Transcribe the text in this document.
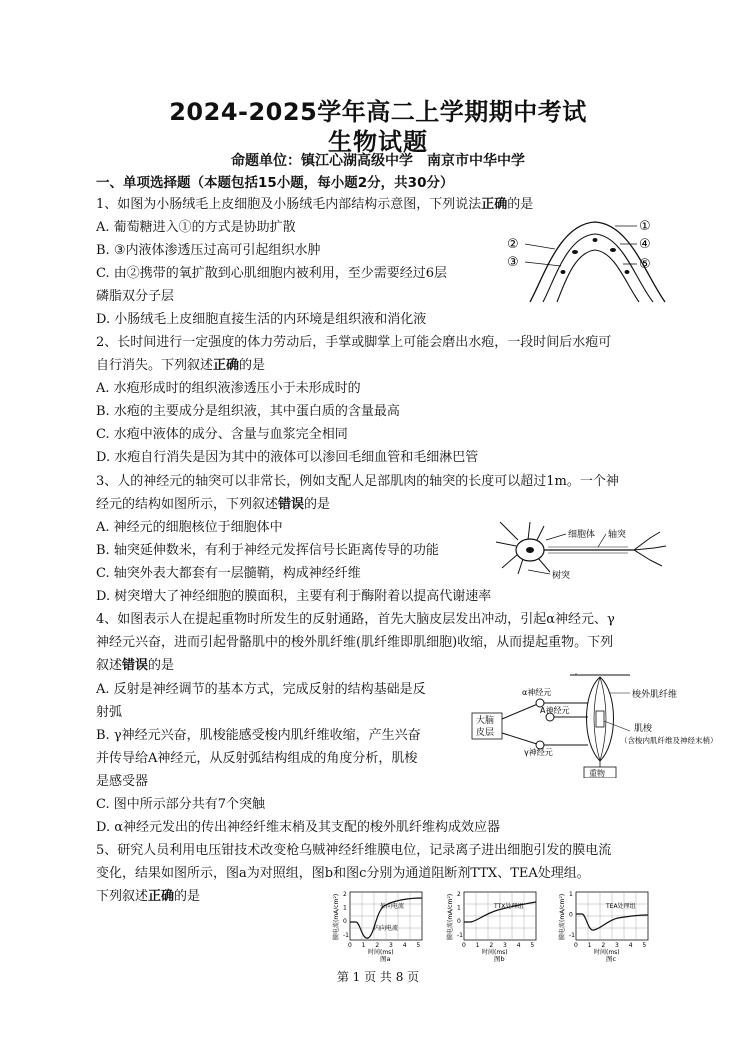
2024-2025学年高二上学期期中考试
生物试题
命题单位：镇江心湖高级中学　南京市中华中学
一、单项选择题（本题包括15小题，每小题2分，共30分）
1、如图为小肠绒毛上皮细胞及小肠绒毛内部结构示意图，下列说法正确的是
A. 葡萄糖进入①的方式是协助扩散
B. ③内液体渗透压过高可引起组织水肿
C. 由②携带的氧扩散到心肌细胞内被利用，至少需要经过6层
磷脂双分子层
D. 小肠绒毛上皮细胞直接生活的内环境是组织液和消化液
①
②
③
④
⑤
2、长时间进行一定强度的体力劳动后，手掌或脚掌上可能会磨出水疱，一段时间后水疱可
自行消失。下列叙述正确的是
A. 水疱形成时的组织液渗透压小于未形成时的
B. 水疱的主要成分是组织液，其中蛋白质的含量最高
C. 水疱中液体的成分、含量与血浆完全相同
D. 水疱自行消失是因为其中的液体可以渗回毛细血管和毛细淋巴管
3、人的神经元的轴突可以非常长，例如支配人足部肌肉的轴突的长度可以超过1m。一个神
经元的结构如图所示，下列叙述错误的是
A. 神经元的细胞核位于细胞体中
B. 轴突延伸数米，有利于神经元发挥信号长距离传导的功能
C. 轴突外表大都套有一层髓鞘，构成神经纤维
D. 树突增大了神经细胞的膜面积，主要有利于酶附着以提高代谢速率
细胞体 轴突
树突
4、如图表示人在提起重物时所发生的反射通路，首先大脑皮层发出冲动，引起α神经元、γ
神经元兴奋，进而引起骨骼肌中的梭外肌纤维(肌纤维即肌细胞)收缩，从而提起重物。下列
叙述错误的是
A. 反射是神经调节的基本方式，完成反射的结构基础是反
射弧
B. γ神经元兴奋，肌梭能感受梭内肌纤维收缩，产生兴奋
并传导给A神经元，从反射弧结构组成的角度分析，肌梭
是感受器
C. 图中所示部分共有7个突触
D. α神经元发出的传出神经纤维末梢及其支配的梭外肌纤维构成效应器
大脑
皮层
α神经元
A神经元
γ神经元
重物
梭外肌纤维
肌梭
（含梭内肌纤维及神经末梢）
5、研究人员利用电压钳技术改变枪乌贼神经纤维膜电位，记录离子进出细胞引发的膜电流
变化，结果如图所示，图a为对照组，图b和图c分别为通道阻断剂TTX、TEA处理组。
下列叙述正确的是	2
1
0
-1
0 1 2 3 4 5
时间(ms)
图a
膜电流(mA/cm²)	外向电流
内向电流
2
1
0
-1
0 1 2 3 4 5
时间(ms)
图b
膜电流(mA/cm²)	TTX处理组
1
0
-1
0 1 2 3 4 5
时间(ms)
图c
膜电流(mA/cm²)	TEA处理组
第 1 页 共 8 页
